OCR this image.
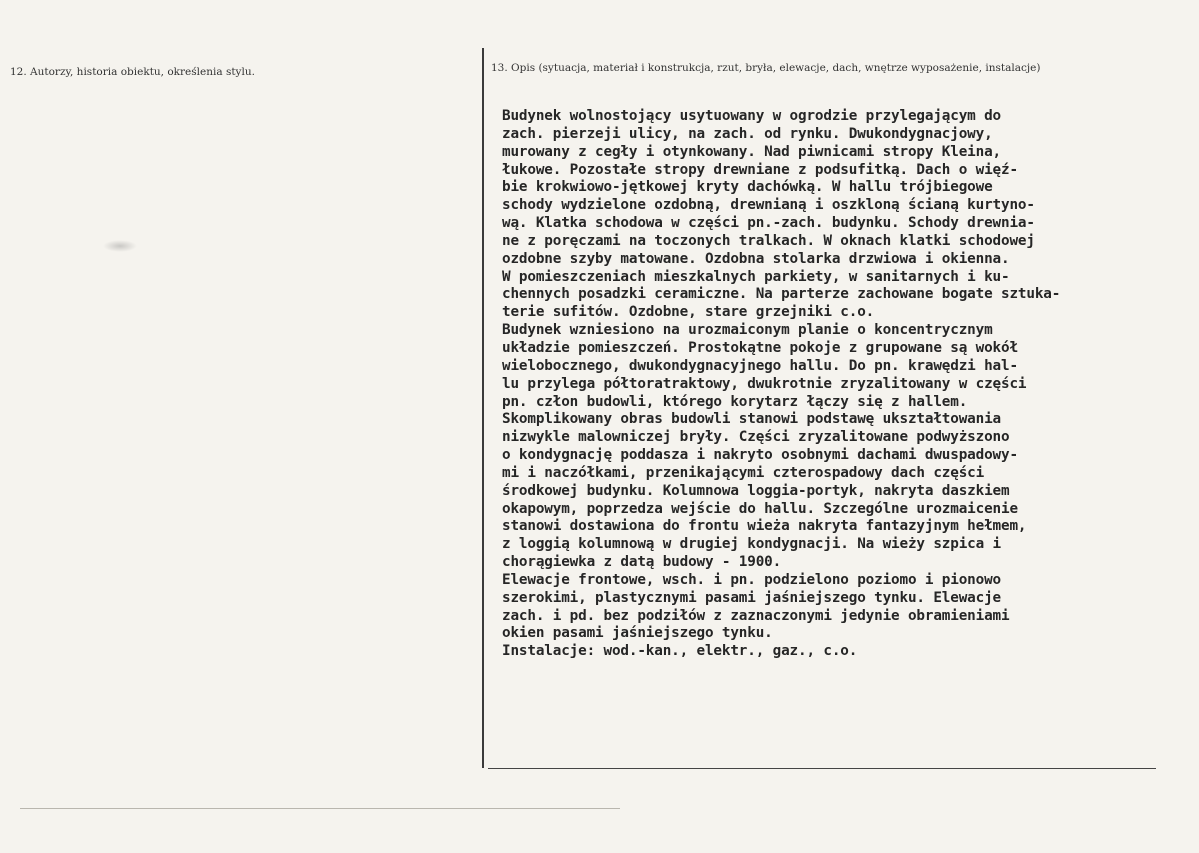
12. Autorzy, historia obiektu, określenia stylu.	13. Opis (sytuacja, materiał i konstrukcja, rzut, bryła, elewacje, dach, wnętrze wyposażenie, instalacje)
Budynek wolnostojący usytuowany w ogrodzie przylegającym do
zach. pierzeji ulicy, na zach. od rynku. Dwukondygnacjowy,
murowany z cegły i otynkowany. Nad piwnicami stropy Kleina,
łukowe. Pozostałe stropy drewniane z podsufitką. Dach o więź-
bie krokwiowo-jętkowej kryty dachówką. W hallu trójbiegowe
schody wydzielone ozdobną, drewnianą i oszkloną ścianą kurtyno-
wą. Klatka schodowa w części pn.-zach. budynku. Schody drewnia-
ne z poręczami na toczonych tralkach. W oknach klatki schodowej
ozdobne szyby matowane. Ozdobna stolarka drzwiowa i okienna.
W pomieszczeniach mieszkalnych parkiety, w sanitarnych i ku-
chennych posadzki ceramiczne. Na parterze zachowane bogate sztuka-
terie sufitów. Ozdobne, stare grzejniki c.o.
Budynek wzniesiono na urozmaiconym planie o koncentrycznym
układzie pomieszczeń. Prostokątne pokoje z grupowane są wokół
wielobocznego, dwukondygnacyjnego hallu. Do pn. krawędzi hal-
lu przylega półtoratraktowy, dwukrotnie zryzalitowany w części
pn. człon budowli, którego korytarz łączy się z hallem.
Skomplikowany obras budowli stanowi podstawę ukształtowania
nizwykle malowniczej bryły. Części zryzalitowane podwyższono
o kondygnację poddasza i nakryto osobnymi dachami dwuspadowy-
mi i naczółkami, przenikającymi czterospadowy dach części
środkowej budynku. Kolumnowa loggia-portyk, nakryta daszkiem
okapowym, poprzedza wejście do hallu. Szczególne urozmaicenie
stanowi dostawiona do frontu wieża nakryta fantazyjnym hełmem,
z loggią kolumnową w drugiej kondygnacji. Na wieży szpica i
chorągiewka z datą budowy - 1900.
Elewacje frontowe, wsch. i pn. podzielono poziomo i pionowo
szerokimi, plastycznymi pasami jaśniejszego tynku. Elewacje
zach. i pd. bez podziłów z zaznaczonymi jedynie obramieniami
okien pasami jaśniejszego tynku.
Instalacje: wod.-kan., elektr., gaz., c.o.
